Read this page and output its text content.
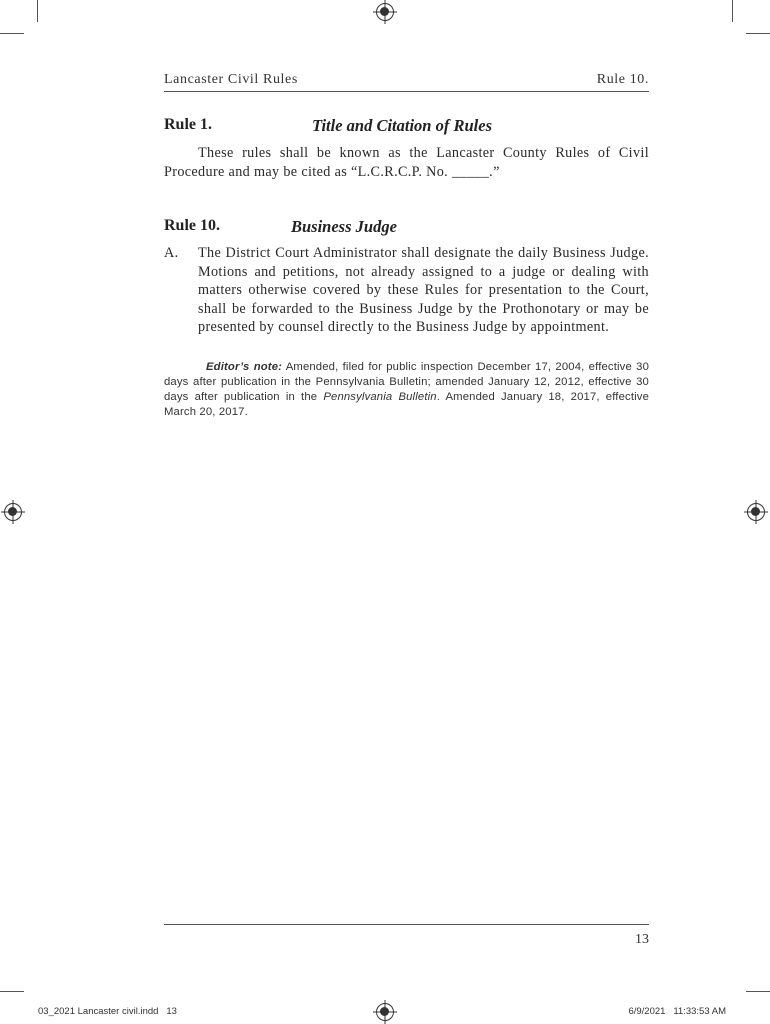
Lancaster Civil Rules	Rule 10.
Rule 1.	Title and Citation of Rules
These rules shall be known as the Lancaster County Rules of Civil Procedure and may be cited as “L.C.R.C.P. No. _____.”
Rule 10.	Business Judge
A. The District Court Administrator shall designate the daily Business Judge. Motions and petitions, not already assigned to a judge or dealing with matters otherwise covered by these Rules for presentation to the Court, shall be forwarded to the Business Judge by the Prothonotary or may be presented by counsel directly to the Business Judge by appointment.
Editor’s note: Amended, filed for public inspection December 17, 2004, effective 30 days after publication in the Pennsylvania Bulletin; amended January 12, 2012, effective 30 days after publication in the Pennsylvania Bulletin. Amended January 18, 2017, effective March 20, 2017.
13
03_2021 Lancaster civil.indd   13	6/9/2021   11:33:53 AM
